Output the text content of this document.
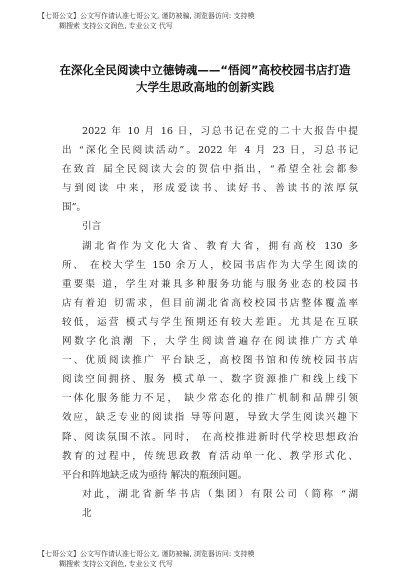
【七哥公文】公文写作请认准七哥公文, 谨防被骗, 浏览器访问: 支持模
糊搜索 支持公文润色, 专业公文 代写
在深化全民阅读中立德铸魂——“悟阅”高校校园书店打造
大学生思政高地的创新实践
2022 年 10 月 16 日，习总书记在党的二十大报告中提
出 “深化全民阅读活动”。2022 年 4 月 23 日，习总书记
在致首 届全民阅读大会的贺信中指出，“希望全社会都参
与到阅读 中来，形成爱读书、读好书、善读书的浓厚氛
围”。
引言
湖北省作为文化大省、教育大省，拥有高校 130 多
所、 在校大学生 150 余万人，校园书店作为大学生阅读的
重要渠 道，学生对兼具多种服务功能与服务业态的校园书
店有着迫 切需求，但目前湖北省高校校园书店整体覆盖率
较低，运营 模式与学生预期还有较大差距。尤其是在互联
网数字化浪潮 下，大学生阅读普遍存在阅读推广方式单
一、优质阅读推广 平台缺乏，高校图书馆和传统校园书店
阅读空间拥挤、服务 模式单一、数字资源推广和线上线下
一体化服务能力不足， 缺少常态化的推广机制和品牌引领
效应，缺乏专业的阅读指 导等问题，导致大学生阅读兴趣下
降、阅读氛围不浓。同时， 在高校推进新时代学校思想政治
教育的过程中，传统思政教 育活动单一化、教学形式化、
平台和阵地缺乏成为亟待 解决的瓶颈问题。
对此，湖北省新华书店（集团）有限公司（简称 “湖
北
【七哥公文】公文写作请认准七哥公文, 谨防被骗, 浏览器访问: 支持模
糊搜索 支持公文润色, 专业公文 代写
